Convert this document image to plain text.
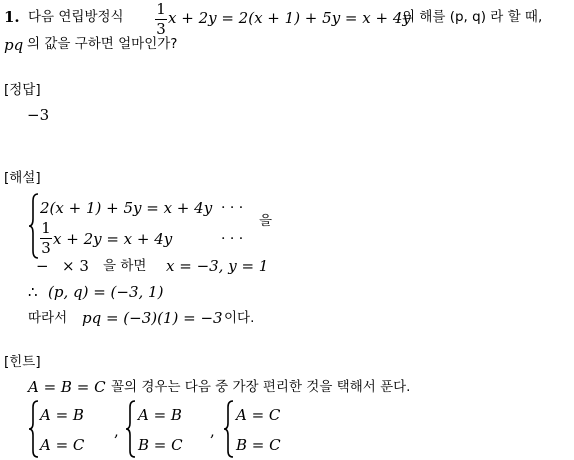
1. 다음 연립방정식 1
3
x + 2y = 2(x + 1) + 5y = x + 4y
의 해를 (p, q) 라 할 때,
pq 의 값을 구하면 얼마인가?
[정답]
−3
[해설]
2(x + 1) + 5y = x + 4y · · ·
1
3 x + 2y = x + 4y	· · ·
을
− × 3 을 하면 x = −3, y = 1
∴ (p, q) = (−3, 1)
따라서 pq = (−3)(1) = −3 이다.
[힌트]
A = B = C 꼴의 경우는 다음 중 가장 편리한 것을 택해서 푼다.
A = B
A = C
,
A = B
B = C
,
A = C
B = C
